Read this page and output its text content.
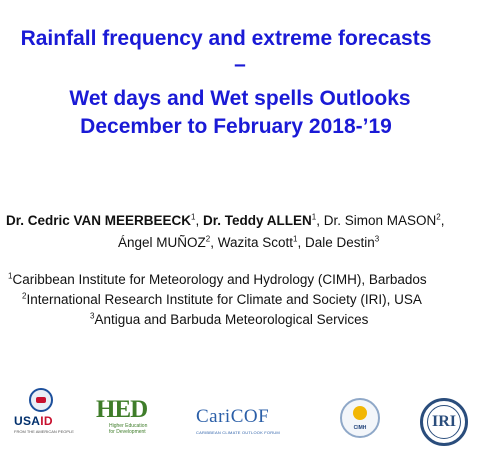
Rainfall frequency and extreme forecasts
–
Wet days and Wet spells Outlooks
December to February 2018-’19
Dr. Cedric VAN MEERBEECK$^1$, Dr. Teddy ALLEN$^1$, Dr. Simon MASON$^2$,
Ángel MUÑOZ$^2$, Wazita Scott$^1$, Dale Destin$^3$
$^1$Caribbean Institute for Meteorology and Hydrology (CIMH), Barbados
$^2$International Research Institute for Climate and Society (IRI), USA
$^3$Antigua and Barbuda Meteorological Services
USAID
FROM THE AMERICAN PEOPLE
HED
Higher Education
for Development
CariCOF
CARIBBEAN CLIMATE OUTLOOK FORUM
CIMH	IRI
